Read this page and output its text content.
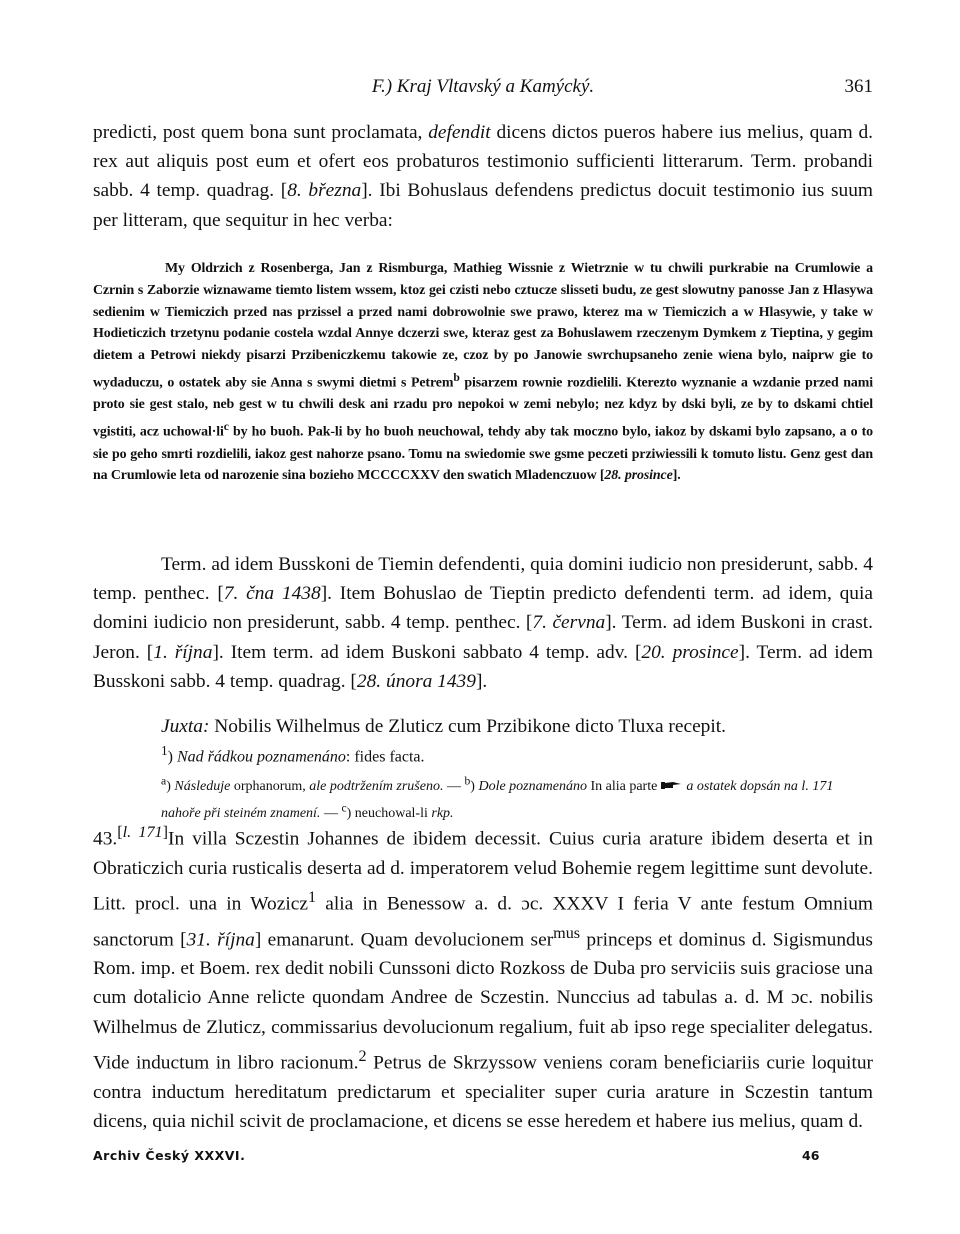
F.) Kraj Vltavský a Kamýcký.	361

predicti, post quem bona sunt proclamata, defendit dicens dictos pueros habere ius melius, quam d. rex aut aliquis post eum et ofert eos probaturos testimonio sufficienti litterarum. Term. probandi sabb. 4 temp. quadrag. [8. března]. Ibi Bohuslaus defendens predictus docuit testimonio ius suum per litteram, que sequitur in hec verba:

My Oldrzich z Rosenberga, Jan z Rismburga, Mathieg Wissnie z Wietrznie w tu chwili purkrabie na Crumlowie a Czrnin s Zaborzie wiznawame tiemto listem wssem, ktoz gei czisti nebo cztucze slisseti budu, ze gest slowutny panosse Jan z Hlasywa sedienim w Tiemiczich przed nas przissel a przed nami dobrowolnie swe prawo, kterez ma w Tiemiczich a w Hlasywie, y take w Hodieticzich trzetynu podanie costela wzdal Annye dczerzi swe, kteraz gest za Bohuslawem rzeczenym Dymkem z Tieptina, y gegim dietem a Petrowi niekdy pisarzi Przibeniczkemu takowie ze, czoz by po Janowie swrchupsaneho zenie wiena bylo, naiprw gie to wydaduczu, o ostatek aby sie Anna s swymi dietmi s Petrem$^b$ pisarzem rownie rozdielili. Kterezto wyznanie a wzdanie przed nami proto sie gest stalo, neb gest w tu chwili desk ani rzadu pro nepokoi w zemi nebylo; nez kdyz by dski byli, ze by to dskami chtiel vgistiti, acz $uchowal\cdot li^c$ by ho buoh. Pak-li by ho buoh neuchowal, tehdy aby tak moczno bylo, iakoz by dskami bylo zapsano, a o to sie po geho smrti rozdielili, iakoz gest nahorze psano. Tomu na swiedomie swe gsme peczeti prziwiessili k tomuto listu. Genz gest dan na Crumlowie leta od narozenie sina bozieho MCCCCXXV den swatich Mladenczuow [28. prosince].

Term. ad idem Busskoni de Tiemin defendenti, quia domini iudicio non presiderunt, sabb. 4 temp. penthec. [7. čna 1438]. Item Bohuslao de Tieptin predicto defendenti term. ad idem, quia domini iudicio non presiderunt, sabb. 4 temp. penthec. [7. června]. Term. ad idem Buskoni in crast. Jeron. [1. října]. Item term. ad idem Buskoni sabbato 4 temp. adv. [20. prosince]. Term. ad idem Busskoni sabb. 4 temp. quadrag. [28. února 1439].

Juxta: Nobilis Wilhelmus de Zluticz cum Przibikone dicto Tluxa recepit.

$^1$) Nad řádkou poznamenáno: fides facta.

$^a$) Následuje orphanorum, ale podtržením zrušeno. — $^b$) Dole poznamenáno In alia parte a ostatek dopsán na l. 171 nahoře při steiném znamení. — $^c$) neuchowal-li rkp.

43.[l. 171]In villa Sczestin Johannes de ibidem decessit. Cuius curia arature ibidem deserta et in Obraticzich curia rusticalis deserta ad d. imperatorem velud Bohemie regem legittime sunt devolute. Litt. procl. una in Wozicz$^1$ alia in Benessow a. d. ɔc. XXXV I feria V ante festum Omnium sanctorum [31. října] emanarunt. Quam devolucionem ser$^{mus}$ princeps et dominus d. Sigismundus Rom. imp. et Boem. rex dedit nobili Cunssoni dicto Rozkoss de Duba pro serviciis suis graciose una cum dotalicio Anne relicte quondam Andree de Sczestin. Nunccius ad tabulas a. d. M ɔc. nobilis Wilhelmus de Zluticz, commissarius devolucionum regalium, fuit ab ipso rege specialiter delegatus. Vide inductum in libro racionum.$^2$ Petrus de Skrzyssow veniens coram beneficiariis curie loquitur contra inductum hereditatum predictarum et specialiter super curia arature in Sczestin tantum dicens, quia nichil scivit de proclamacione, et dicens se esse heredem et habere ius melius, quam d.

Archiv Český XXXVI.	46
